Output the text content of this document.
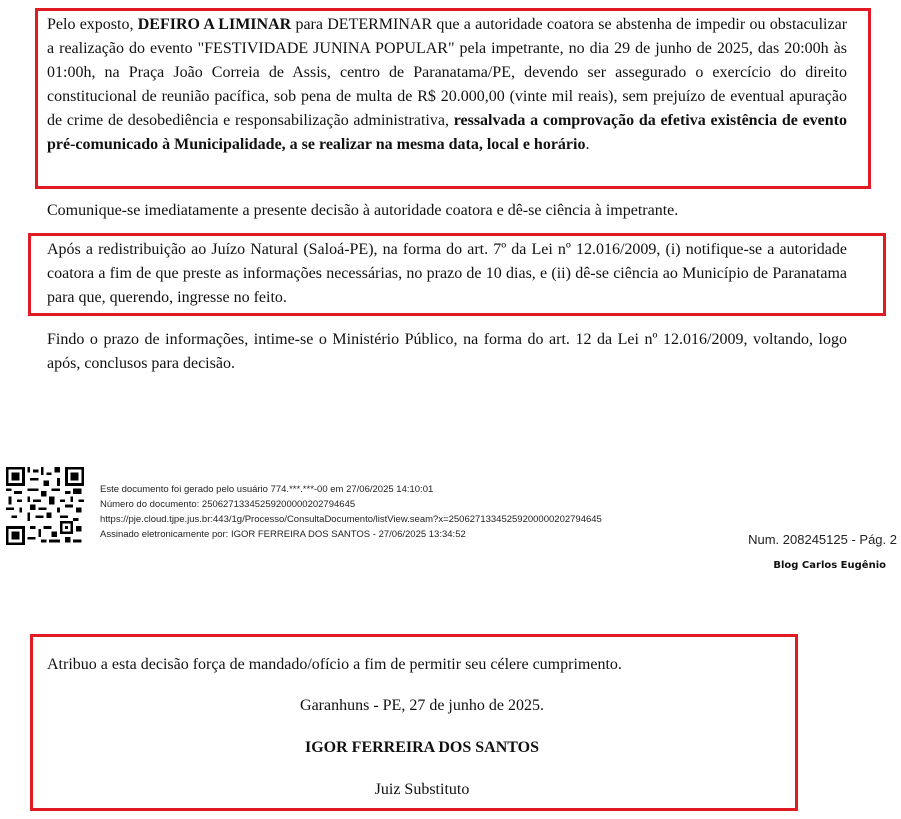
Pelo exposto, DEFIRO A LIMINAR para DETERMINAR que a autoridade coatora se abstenha de impedir ou obstaculizar a realização do evento "FESTIVIDADE JUNINA POPULAR" pela impetrante, no dia 29 de junho de 2025, das 20:00h às 01:00h, na Praça João Correia de Assis, centro de Paranatama/PE, devendo ser assegurado o exercício do direito constitucional de reunião pacífica, sob pena de multa de R$ 20.000,00 (vinte mil reais), sem prejuízo de eventual apuração de crime de desobediência e responsabilização administrativa, ressalvada a comprovação da efetiva existência de evento pré-comunicado à Municipalidade, a se realizar na mesma data, local e horário.

Comunique-se imediatamente a presente decisão à autoridade coatora e dê-se ciência à impetrante.

Após a redistribuição ao Juízo Natural (Saloá-PE), na forma do art. 7º da Lei nº 12.016/2009, (i) notifique-se a autoridade coatora a fim de que preste as informações necessárias, no prazo de 10 dias, e (ii) dê-se ciência ao Município de Paranatama para que, querendo, ingresse no feito.

Findo o prazo de informações, intime-se o Ministério Público, na forma do art. 12 da Lei nº 12.016/2009, voltando, logo após, conclusos para decisão.

Este documento foi gerado pelo usuário 774.***.***-00 em 27/06/2025 14:10:01
Número do documento: 25062713345259200000202794645
https://pje.cloud.tjpe.jus.br:443/1g/Processo/ConsultaDocumento/listView.seam?x=25062713345259200000202794645
Assinado eletronicamente por: IGOR FERREIRA DOS SANTOS - 27/06/2025 13:34:52	Num. 208245125 - Pág. 2
Blog Carlos Eugênio

Atribuo a esta decisão força de mandado/ofício a fim de permitir seu célere cumprimento.

Garanhuns - PE, 27 de junho de 2025.
IGOR FERREIRA DOS SANTOS
Juiz Substituto
